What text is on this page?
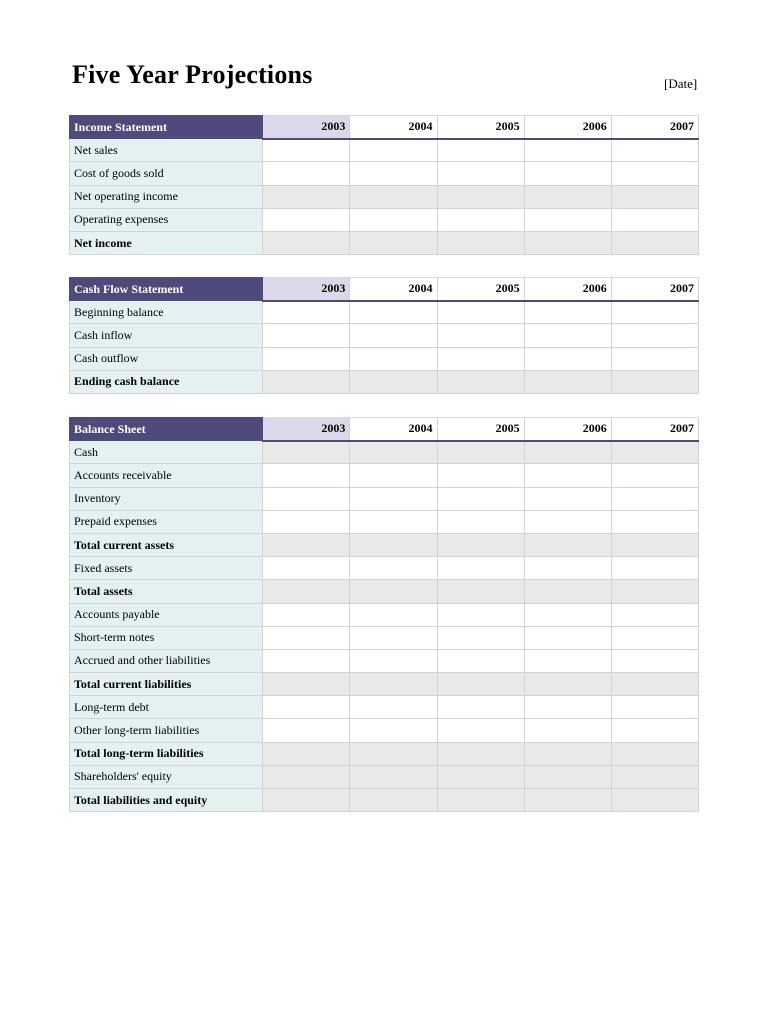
Five Year Projections	[Date]
Income Statement	2003	2004	2005	2006	2007
Net sales					
Cost of goods sold					
Net operating income					
Operating expenses					
Net income					
Cash Flow Statement	2003	2004	2005	2006	2007
Beginning balance					
Cash inflow					
Cash outflow					
Ending cash balance					
Balance Sheet	2003	2004	2005	2006	2007
Cash					
Accounts receivable					
Inventory					
Prepaid expenses					
Total current assets					
Fixed assets					
Total assets					
Accounts payable					
Short-term notes					
Accrued and other liabilities					
Total current liabilities					
Long-term debt					
Other long-term liabilities					
Total long-term liabilities					
Shareholders' equity					
Total liabilities and equity					
